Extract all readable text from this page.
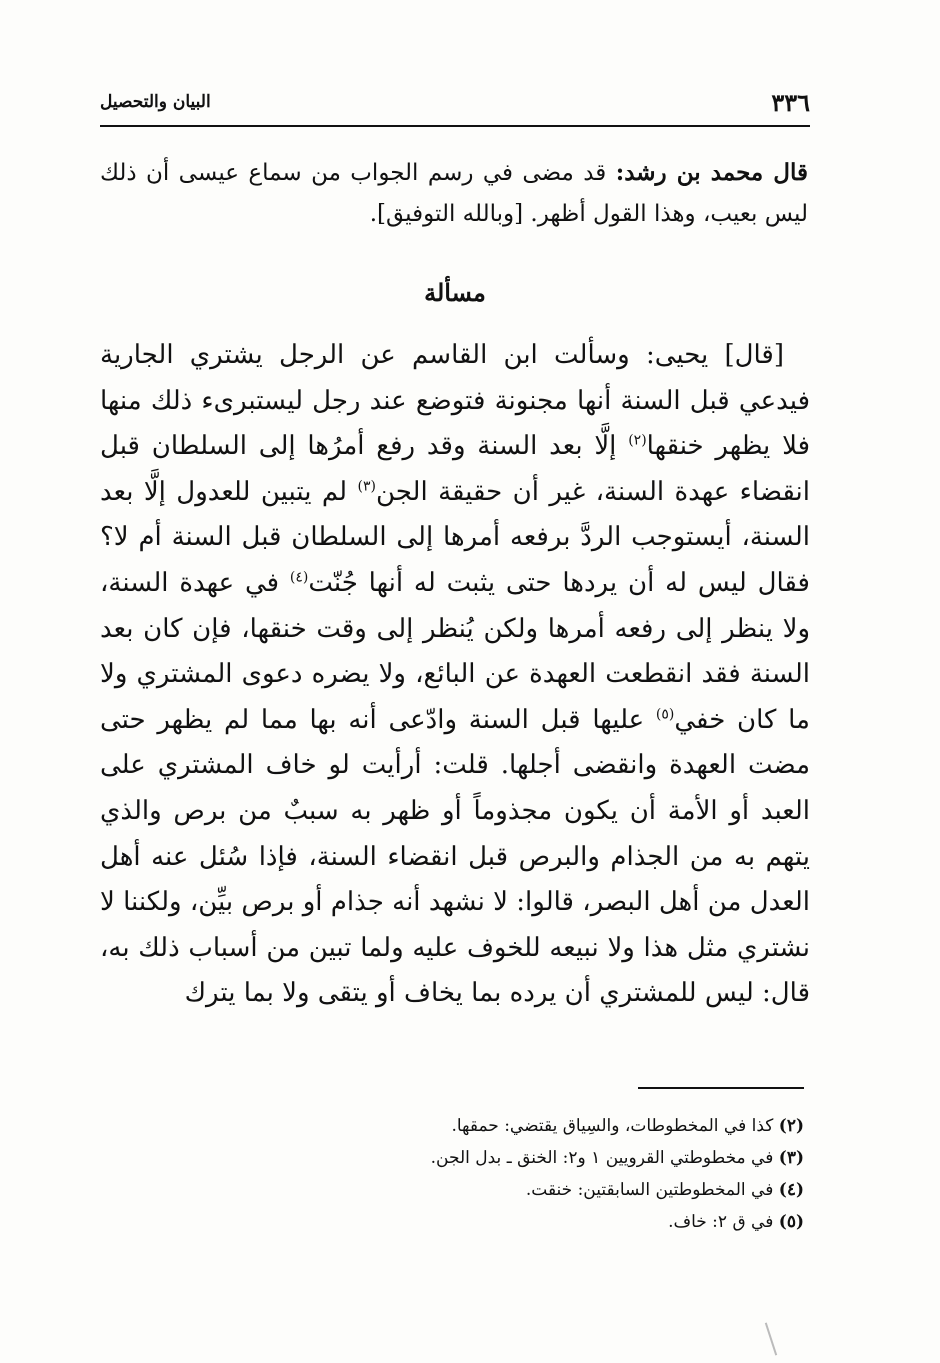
٣٣٦
البيان والتحصيل
قال محمد بن رشد: قد مضى في رسم الجواب من سماع عيسى أن ذلك ليس بعيب، وهذا القول أظهر. [وبالله التوفيق].
مسألة

[قال] يحيى: وسألت ابن القاسم عن الرجل يشتري الجارية فيدعي قبل السنة أنها مجنونة فتوضع عند رجل ليستبرىء ذلك منها فلا يظهر خنقها$^{(٢)}$ إلَّا بعد السنة وقد رفع أمرُها إلى السلطان قبل انقضاء عهدة السنة، غير أن حقيقة الجن$^{(٣)}$ لم يتبين للعدول إلَّا بعد السنة، أيستوجب الردَّ برفعه أمرها إلى السلطان قبل السنة أم لا؟ فقال ليس له أن يردها حتى يثبت له أنها جُنّت$^{(٤)}$ في عهدة السنة، ولا ينظر إلى رفعه أمرها ولكن يُنظر إلى وقت خنقها، فإن كان بعد السنة فقد انقطعت العهدة عن البائع، ولا يضره دعوى المشتري ولا ما كان خفي$^{(٥)}$ عليها قبل السنة وادّعى أنه بها مما لم يظهر حتى مضت العهدة وانقضى أجلها. قلت: أرأيت لو خاف المشتري على العبد أو الأمة أن يكون مجذوماً أو ظهر به سببٌ من برص والذي يتهم به من الجذام والبرص قبل انقضاء السنة، فإذا سُئل عنه أهل العدل من أهل البصر، قالوا: لا نشهد أنه جذام أو برص بيِّن، ولكننا لا نشتري مثل هذا ولا نبيعه للخوف عليه ولما تبين من أسباب ذلك به، قال: ليس للمشتري أن يرده بما يخاف أو يتقى ولا بما يترك

(٢) كذا في المخطوطات، والسِياق يقتضي: حمقها.
(٣) في مخطوطتي القرويين ١ و٢: الخنق ـ بدل الجن.
(٤) في المخطوطتين السابقتين: خنقت.
(٥) في ق ٢: خاف.
